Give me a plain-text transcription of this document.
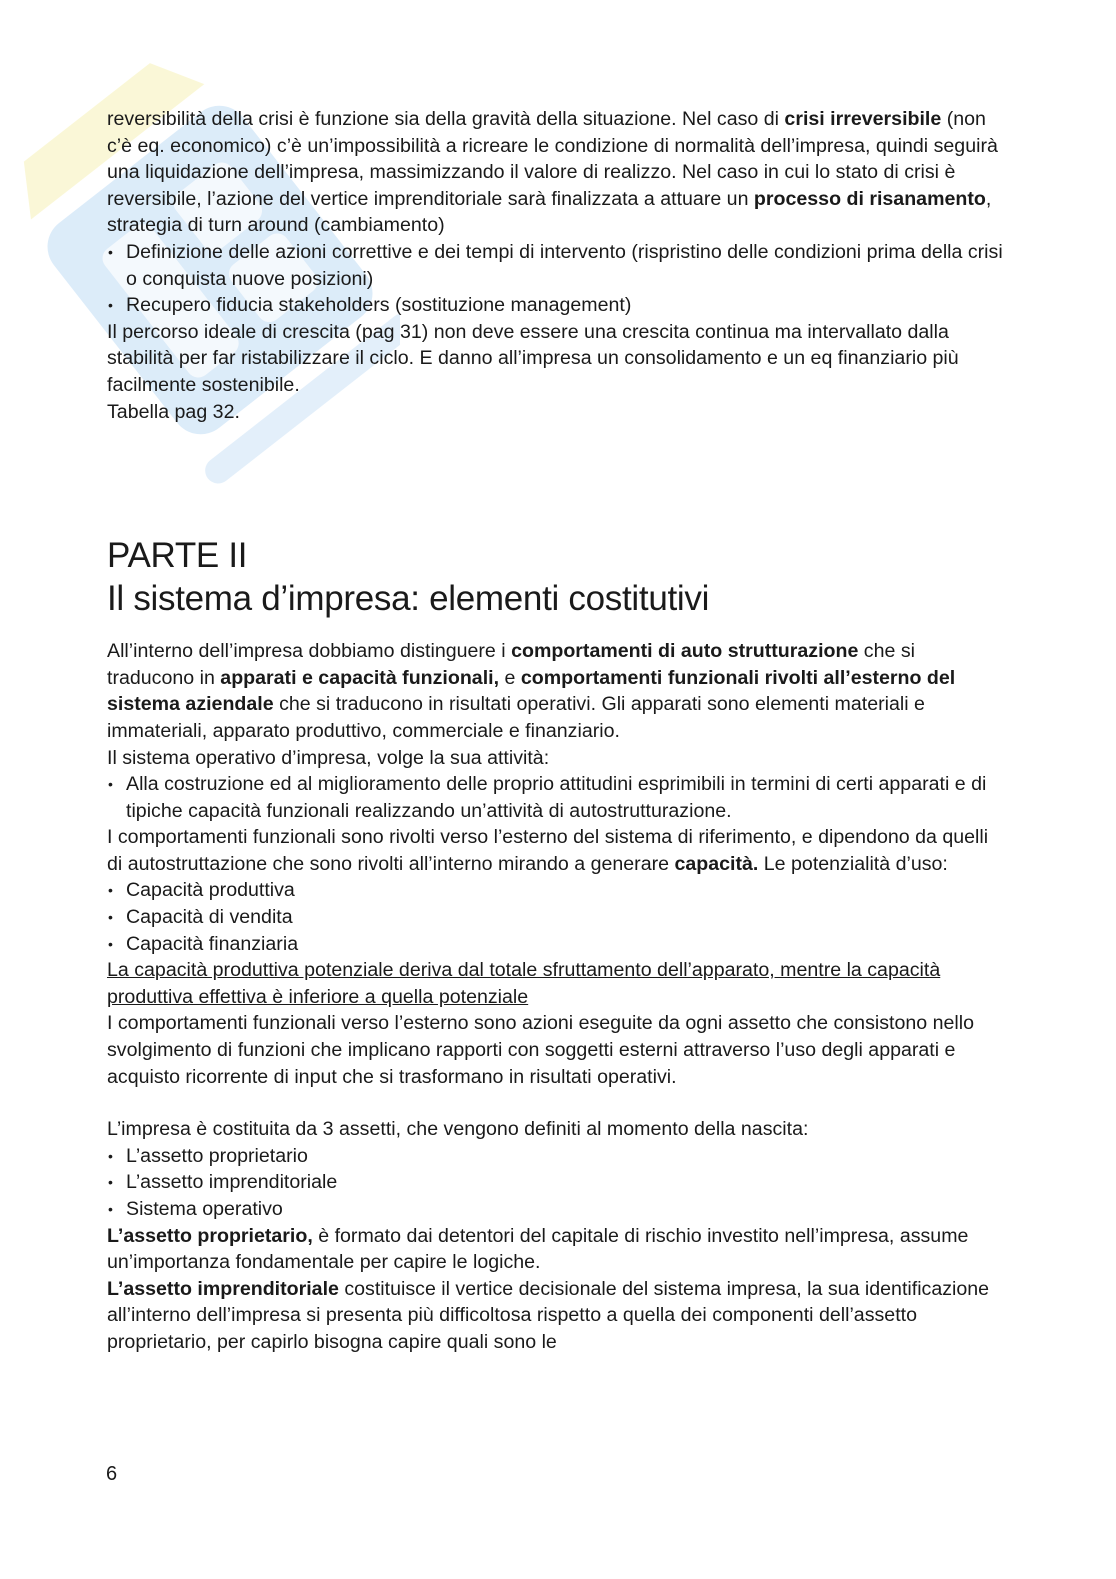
reversibilità della crisi è funzione sia della gravità della situazione. Nel caso di crisi irreversibile (non c’è eq. economico) c’è un’impossibilità a ricreare le condizione di normalità dell’impresa, quindi seguirà una liquidazione dell’impresa, massimizzando il valore di realizzo. Nel caso in cui lo stato di crisi è reversibile, l’azione del vertice imprenditoriale sarà finalizzata a attuare un processo di risanamento, strategia di turn around (cambiamento)

• Definizione delle azioni correttive e dei tempi di intervento (rispristino delle condizioni prima della crisi o conquista nuove posizioni)
• Recupero fiducia stakeholders (sostituzione management)

Il percorso ideale di crescita (pag 31) non deve essere una crescita continua ma intervallato dalla stabilità per far ristabilizzare il ciclo. E danno all’impresa un consolidamento e un eq finanziario più facilmente sostenibile.

Tabella pag 32.

PARTE II
Il sistema d’impresa: elementi costitutivi

All’interno dell’impresa dobbiamo distinguere i comportamenti di auto strutturazione che si traducono in apparati e capacità funzionali, e comportamenti funzionali rivolti all’esterno del sistema aziendale che si traducono in risultati operativi. Gli apparati sono elementi materiali e immateriali, apparato produttivo, commerciale e finanziario.

Il sistema operativo d’impresa, volge la sua attività:

• Alla costruzione ed al miglioramento delle proprio attitudini esprimibili in termini di certi apparati e di tipiche capacità funzionali realizzando un’attività di autostrutturazione.

I comportamenti funzionali sono rivolti verso l’esterno del sistema di riferimento, e dipendono da quelli di autostruttazione che sono rivolti all’interno mirando a generare capacità. Le potenzialità d’uso:

• Capacità produttiva
• Capacità di vendita
• Capacità finanziaria

La capacità produttiva potenziale deriva dal totale sfruttamento dell’apparato, mentre la capacità produttiva effettiva è inferiore a quella potenziale

I comportamenti funzionali verso l’esterno sono azioni eseguite da ogni assetto che consistono nello svolgimento di funzioni che implicano rapporti con soggetti esterni attraverso l’uso degli apparati e acquisto ricorrente di input che si trasformano in risultati operativi.

L’impresa è costituita da 3 assetti, che vengono definiti al momento della nascita:

• L’assetto proprietario
• L’assetto imprenditoriale
• Sistema operativo

L’assetto proprietario, è formato dai detentori del capitale di rischio investito nell’impresa, assume un’importanza fondamentale per capire le logiche.

L’assetto imprenditoriale costituisce il vertice decisionale del sistema impresa, la sua identificazione all’interno dell’impresa si presenta più difficoltosa rispetto a quella dei componenti dell’assetto proprietario, per capirlo bisogna capire quali sono le

6
